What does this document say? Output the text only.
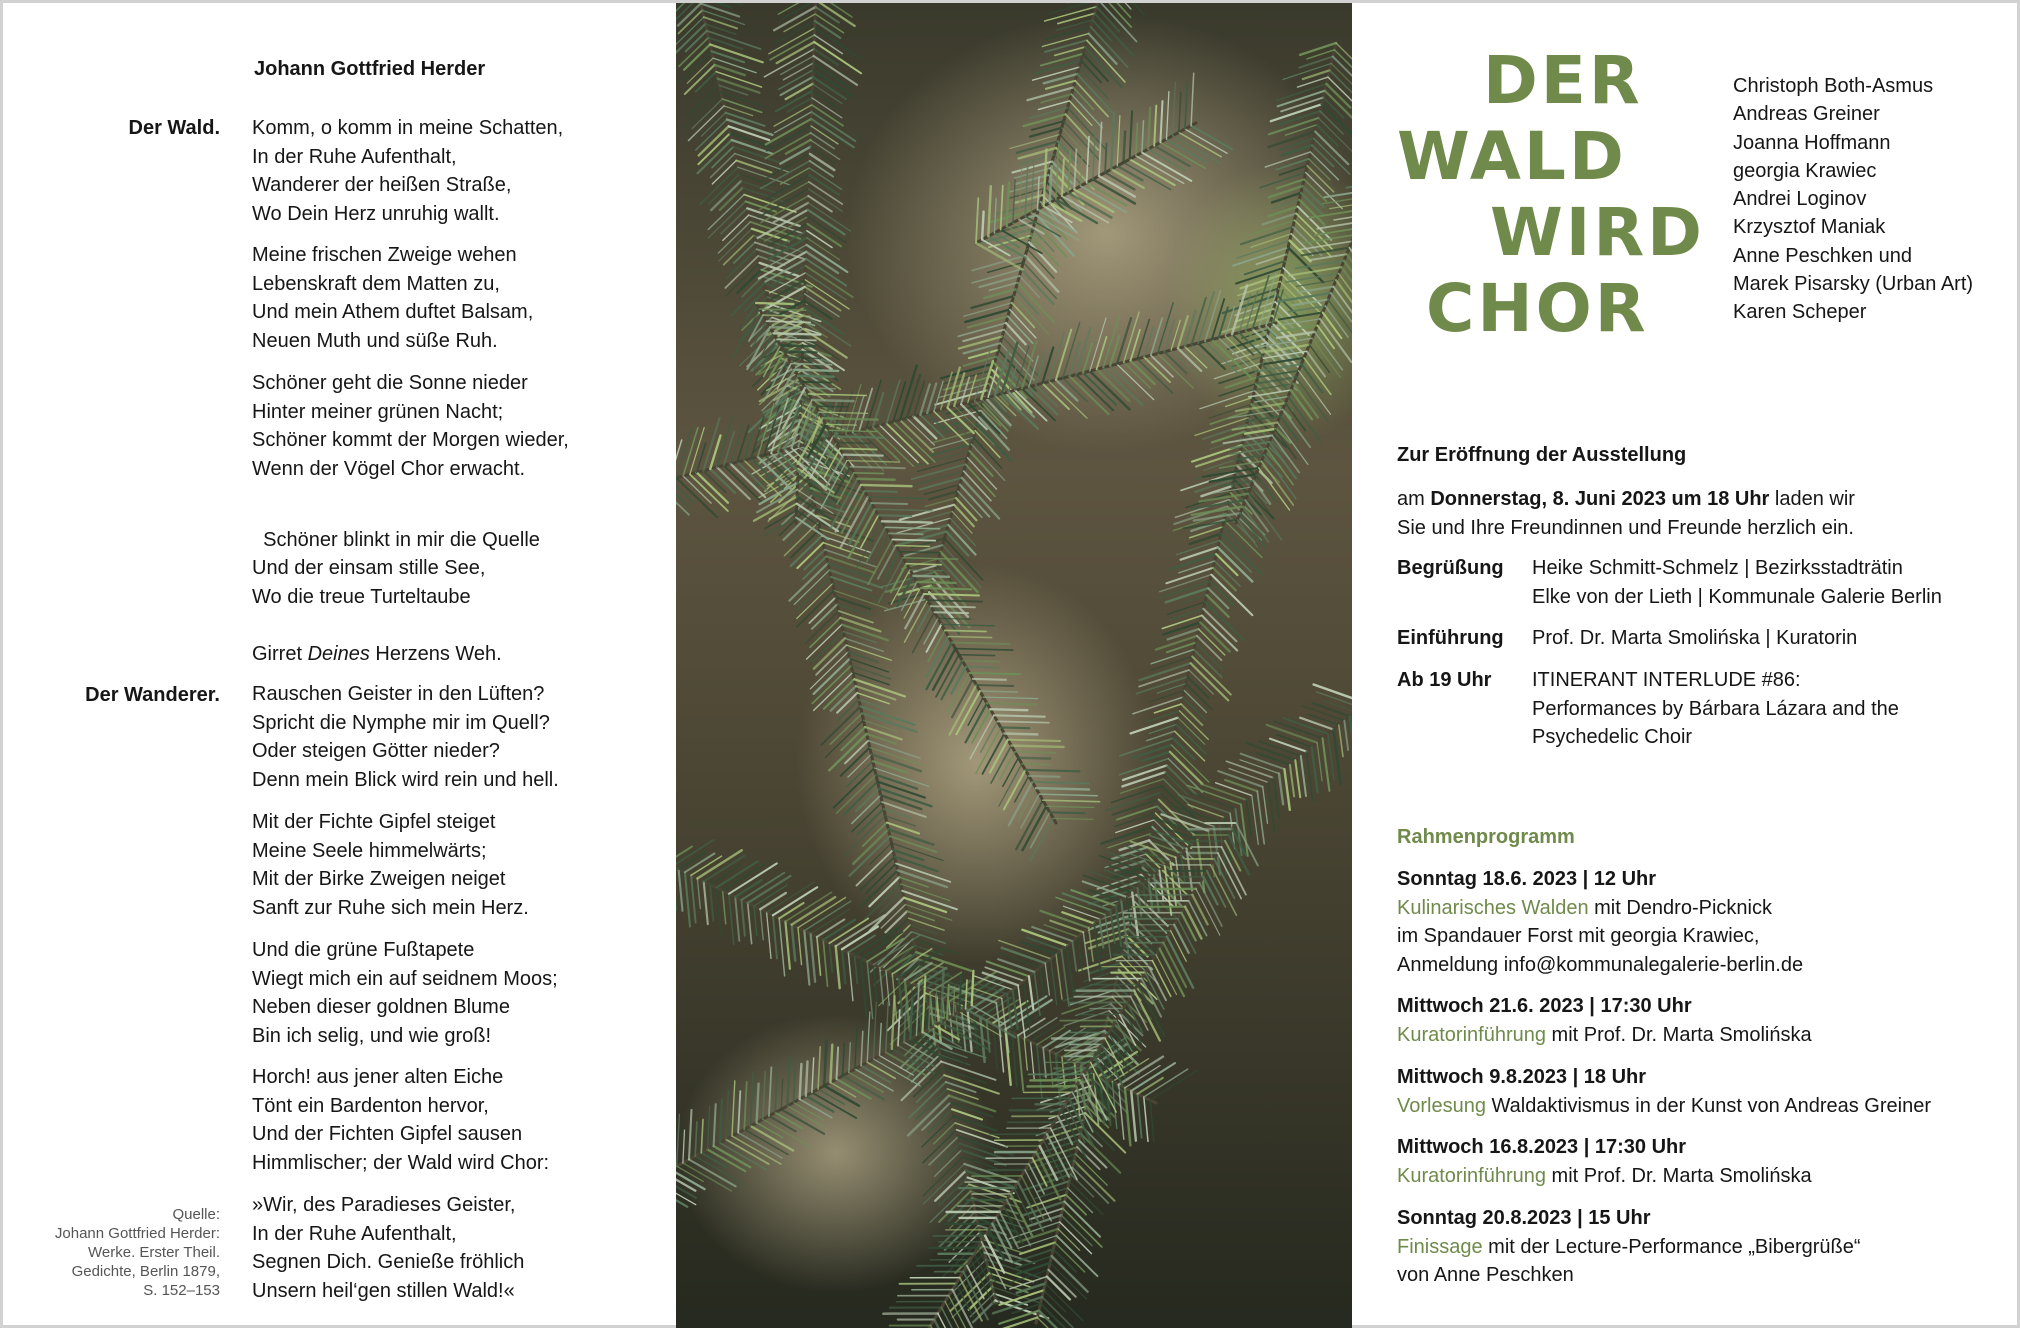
Johann Gottfried Herder
Der Wald. Komm, o komm in meine Schatten,
In der Ruhe Aufenthalt,
Wanderer der heißen Straße,
Wo Dein Herz unruhig wallt.
Meine frischen Zweige wehen
Lebenskraft dem Matten zu,
Und mein Athem duftet Balsam,
Neuen Muth und süße Ruh.
Schöner geht die Sonne nieder
Hinter meiner grünen Nacht;
Schöner kommt der Morgen wieder,
Wenn der Vögel Chor erwacht.

Schöner blinkt in mir die Quelle
Und der einsam stille See,
Wo die treue Turteltaube

Girret Deines Herzens Weh.

Der Wanderer. Rauschen Geister in den Lüften?
Spricht die Nymphe mir im Quell?
Oder steigen Götter nieder?
Denn mein Blick wird rein und hell.
Mit der Fichte Gipfel steiget
Meine Seele himmelwärts;
Mit der Birke Zweigen neiget
Sanft zur Ruhe sich mein Herz.
Und die grüne Fußtapete
Wiegt mich ein auf seidnem Moos;
Neben dieser goldnen Blume
Bin ich selig, und wie groß!
Horch! aus jener alten Eiche
Tönt ein Bardenton hervor,
Und der Fichten Gipfel sausen
Himmlischer; der Wald wird Chor:
»Wir, des Paradieses Geister,
In der Ruhe Aufenthalt,
Segnen Dich. Genieße fröhlich
Unsern heil‘gen stillen Wald!«
Quelle:
Johann Gottfried Herder:
Werke. Erster Theil.
Gedichte, Berlin 1879,
S. 152–153
DER
WALD
WIRD
CHOR
Christoph Both-Asmus
Andreas Greiner
Joanna Hoffmann
georgia Krawiec
Andrei Loginov
Krzysztof Maniak
Anne Peschken und
Marek Pisarsky (Urban Art)
Karen Scheper
Zur Eröffnung der Ausstellung
am Donnerstag, 8. Juni 2023 um 18 Uhr laden wir
Sie und Ihre Freundinnen und Freunde herzlich ein.
Begrüßung Heike Schmitt-Schmelz | Bezirksstadträtin
Elke von der Lieth | Kommunale Galerie Berlin
Einführung Prof. Dr. Marta Smolińska | Kuratorin
Ab 19 Uhr ITINERANT INTERLUDE #86:
Performances by Bárbara Lázara and the
Psychedelic Choir
Rahmenprogramm
Sonntag 18.6. 2023 | 12 Uhr
Kulinarisches Walden mit Dendro-Picknick
im Spandauer Forst mit georgia Krawiec,
Anmeldung info@kommunalegalerie-berlin.de
Mittwoch 21.6. 2023 | 17:30 Uhr
Kuratorinführung mit Prof. Dr. Marta Smolińska
Mittwoch 9.8.2023 | 18 Uhr
Vorlesung Waldaktivismus in der Kunst von Andreas Greiner
Mittwoch 16.8.2023 | 17:30 Uhr
Kuratorinführung mit Prof. Dr. Marta Smolińska
Sonntag 20.8.2023 | 15 Uhr
Finissage mit der Lecture-Performance „Bibergrüße“
von Anne Peschken
